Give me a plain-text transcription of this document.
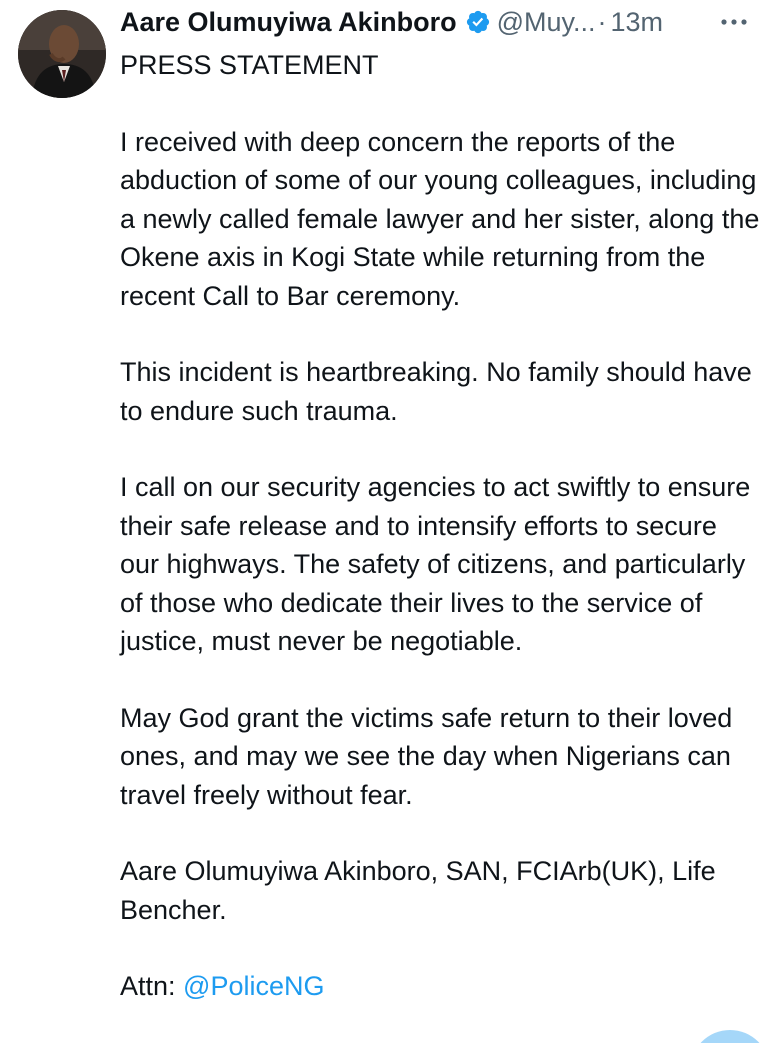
Aare Olumuyiwa Akinboro @Muy... · 13m

PRESS STATEMENT

I received with deep concern the reports of the abduction of some of our young colleagues, including a newly called female lawyer and her sister, along the Okene axis in Kogi State while returning from the recent Call to Bar ceremony.

This incident is heartbreaking. No family should have to endure such trauma.

I call on our security agencies to act swiftly to ensure their safe release and to intensify efforts to secure our highways. The safety of citizens, and particularly of those who dedicate their lives to the service of justice, must never be negotiable.

May God grant the victims safe return to their loved ones, and may we see the day when Nigerians can travel freely without fear.

Aare Olumuyiwa Akinboro, SAN, FCIArb(UK), Life Bencher.

Attn: @PoliceNG
